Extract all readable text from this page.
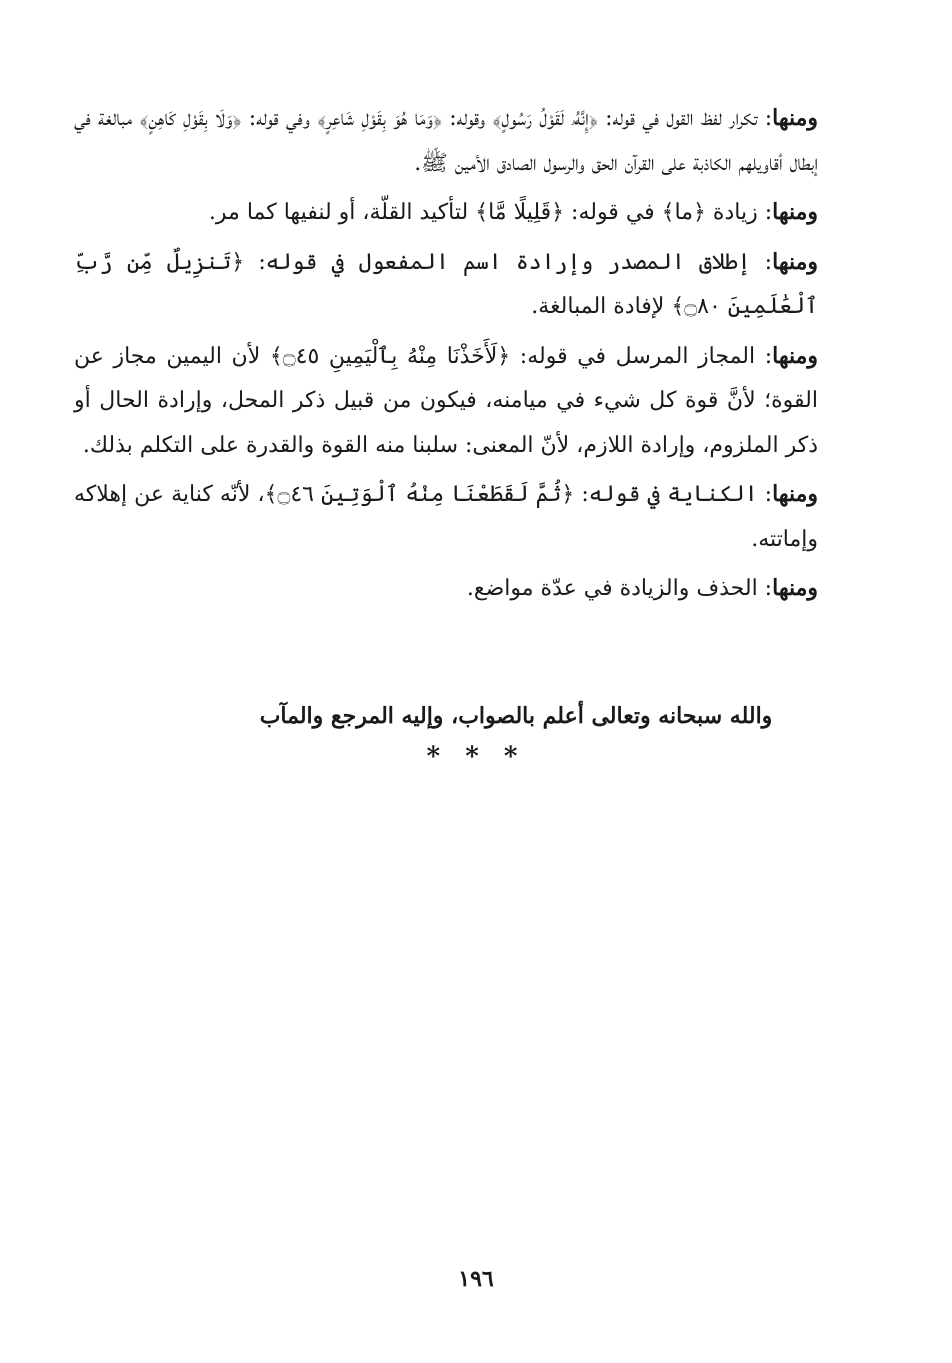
ومنها: تكرار لفظ القول في قوله: ﴿إِنَّهُۥ لَقَوْلُ رَسُولٍ﴾ وقوله: ﴿وَمَا هُوَ بِقَوْلِ شَاعِرٍ﴾ وفي قوله: ﴿وَلَا بِقَوْلِ كَاهِنٍ﴾ مبالغة في إبطال أقاويلهم الكاذبة على القرآن الحق والرسول الصادق الأمين ﷺ.

ومنها: زيادة ﴿ما﴾ في قوله: ﴿قَلِيلًا مَّا﴾ لتأكيد القلّة، أو لنفيها كما مر.

ومنها: إطلاق المصدر وإرادة اسم المفعول في قوله: ﴿تَنزِيلٌ مِّن رَّبِّ ٱلْعَٰلَمِينَ ۝٨٠﴾ لإفادة المبالغة.

ومنها: المجاز المرسل في قوله: ﴿لَأَخَذْنَا مِنْهُ بِٱلْيَمِينِ ۝٤٥﴾ لأن اليمين مجاز عن القوة؛ لأنَّ قوة كل شيء في ميامنه، فيكون من قبيل ذكر المحل، وإرادة الحال أو ذكر الملزوم، وإرادة اللازم، لأنّ المعنى: سلبنا منه القوة والقدرة على التكلم بذلك.

ومنها: الكناية في قوله: ﴿ثُمَّ لَقَطَعْنَا مِنْهُ ٱلْوَتِينَ ۝٤٦﴾، لأنّه كناية عن إهلاكه وإماتته.

ومنها: الحذف والزيادة في عدّة مواضع.

والله سبحانه وتعالى أعلم بالصواب، وإليه المرجع والمآب
* * *
١٩٦
